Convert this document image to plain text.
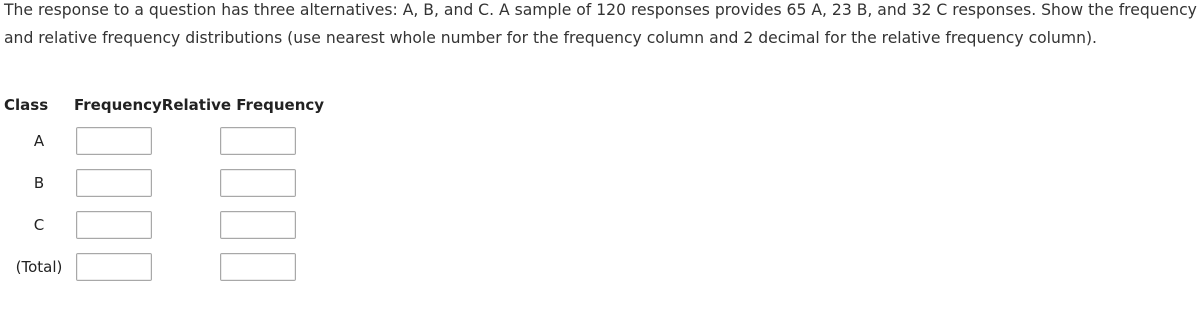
The response to a question has three alternatives: A, B, and C. A sample of 120 responses provides 65 A, 23 B, and 32 C responses. Show the frequency and relative frequency distributions (use nearest whole number for the frequency column and 2 decimal for the relative frequency column).

Class	Frequency	Relative Frequency
A		
B		
C		
(Total)		
